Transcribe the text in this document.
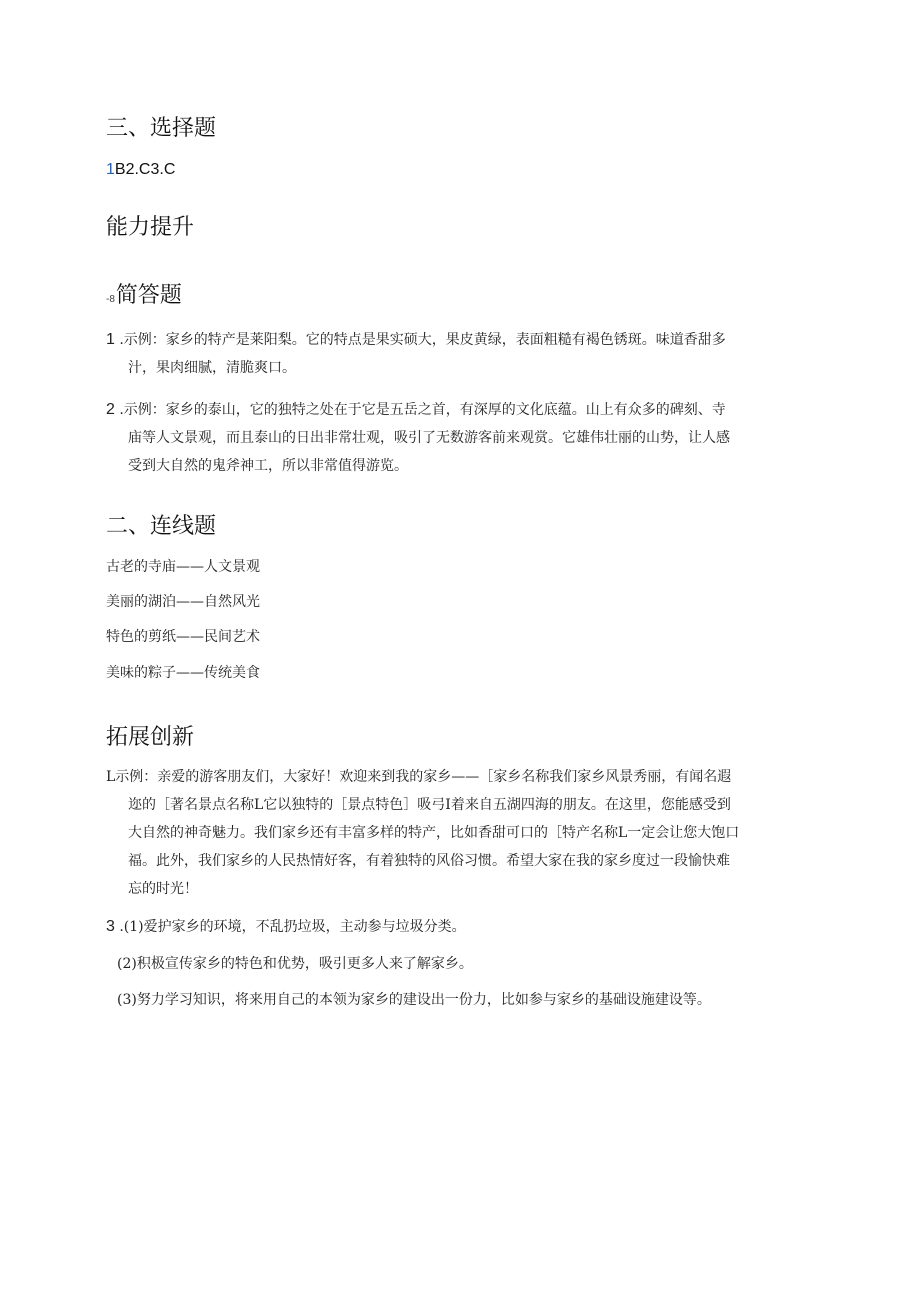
三、选择题
1B2.C3.C
能力提升
-8简答题
1 .示例：家乡的特产是莱阳梨。它的特点是果实硕大，果皮黄绿，表面粗糙有褐色锈斑。味道香甜多
汁，果肉细腻，清脆爽口。
2 .示例：家乡的泰山，它的独特之处在于它是五岳之首，有深厚的文化底蕴。山上有众多的碑刻、寺
庙等人文景观，而且泰山的日出非常壮观，吸引了无数游客前来观赏。它雄伟壮丽的山势，让人感
受到大自然的鬼斧神工，所以非常值得游览。
二、连线题
古老的寺庙——人文景观
美丽的湖泊——自然风光
特色的剪纸——民间艺术
美味的粽子——传统美食
拓展创新
L示例：亲爱的游客朋友们，大家好！欢迎来到我的家乡——［家乡名称我们家乡风景秀丽，有闻名遐
迩的［著名景点名称L它以独特的［景点特色］吸弓I着来自五湖四海的朋友。在这里，您能感受到
大自然的神奇魅力。我们家乡还有丰富多样的特产，比如香甜可口的［特产名称L一定会让您大饱口
福。此外，我们家乡的人民热情好客，有着独特的风俗习惯。希望大家在我的家乡度过一段愉快难
忘的时光！
3 .(1)爱护家乡的环境，不乱扔垃圾，主动参与垃圾分类。
(2)积极宣传家乡的特色和优势，吸引更多人来了解家乡。
(3)努力学习知识，将来用自己的本领为家乡的建设出一份力，比如参与家乡的基础设施建设等。
